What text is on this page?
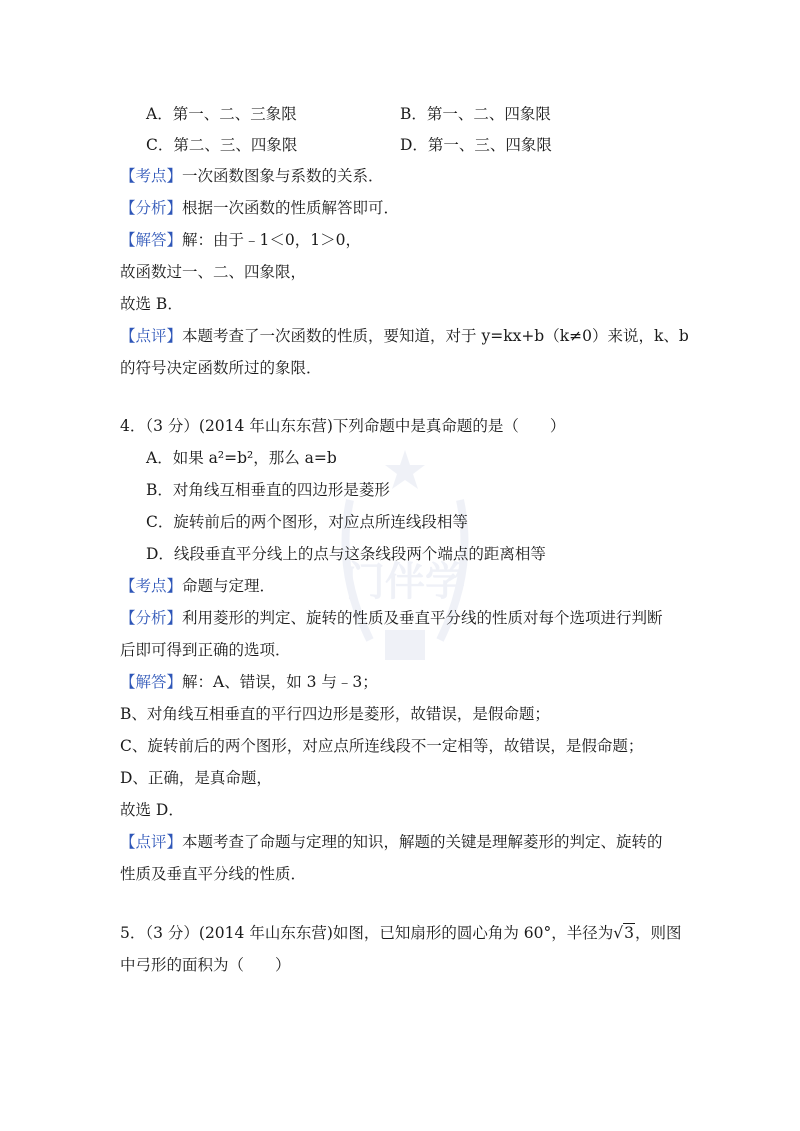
门伴学
A．第一、二、三象限	B．第一、二、四象限
C．第二、三、四象限	D．第一、三、四象限
【考点】一次函数图象与系数的关系．
【分析】根据一次函数的性质解答即可．
【解答】解：由于﹣1＜0，1＞0，
故函数过一、二、四象限，
故选 B．
【点评】本题考查了一次函数的性质，要知道，对于 y=kx+b（k≠0）来说，k、b
的符号决定函数所过的象限．
4．（3 分）(2014 年山东东营)下列命题中是真命题的是（　　）
A．如果 a²=b²，那么 a=b
B．对角线互相垂直的四边形是菱形
C．旋转前后的两个图形，对应点所连线段相等
D．线段垂直平分线上的点与这条线段两个端点的距离相等
【考点】命题与定理．
【分析】利用菱形的判定、旋转的性质及垂直平分线的性质对每个选项进行判断
后即可得到正确的选项．
【解答】解：A、错误，如 3 与﹣3；
B、对角线互相垂直的平行四边形是菱形，故错误，是假命题；
C、旋转前后的两个图形，对应点所连线段不一定相等，故错误，是假命题；
D、正确，是真命题，
故选 D．
【点评】本题考查了命题与定理的知识，解题的关键是理解菱形的判定、旋转的
性质及垂直平分线的性质．
5．（3 分）(2014 年山东东营)如图，已知扇形的圆心角为 60°，半径为√3，则图
中弓形的面积为（　　）
